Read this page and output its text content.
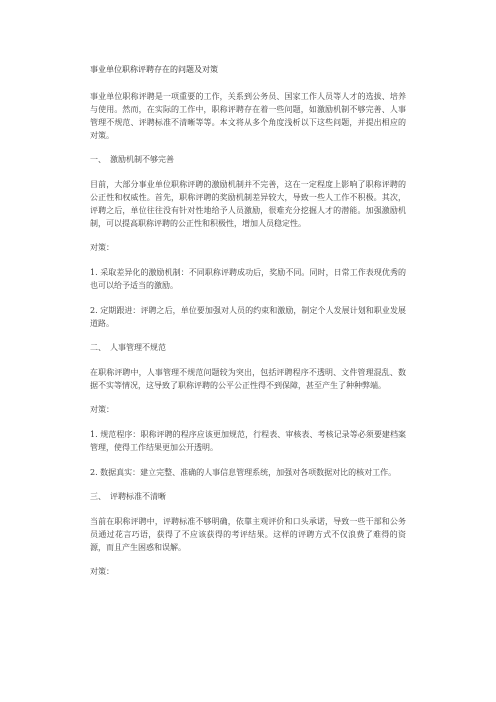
事业单位职称评聘存在的问题及对策

事业单位职称评聘是一项重要的工作，关系到公务员、国家工作人员等人才的选拔、培养与使用。然而，在实际的工作中，职称评聘存在着一些问题，如激励机制不够完善、人事管理不规范、评聘标准不清晰等等。本文将从多个角度浅析以下这些问题，并提出相应的对策。

一、　激励机制不够完善

目前，大部分事业单位职称评聘的激励机制并不完善，这在一定程度上影响了职称评聘的公正性和权威性。首先，职称评聘的奖励机制差异较大，导致一些人工作不积极。其次，评聘之后，单位往往没有针对性地给予人员激励，很难充分挖掘人才的潜能。加强激励机制，可以提高职称评聘的公正性和积极性，增加人员稳定性。

对策：

1. 采取差异化的激励机制：不同职称评聘成功后，奖励不同。同时，日常工作表现优秀的也可以给予适当的激励。

2. 定期跟进：评聘之后，单位要加强对人员的约束和激励，制定个人发展计划和职业发展道路。

二、　人事管理不规范

在职称评聘中，人事管理不规范问题较为突出，包括评聘程序不透明、文件管理混乱、数据不实等情况，这导致了职称评聘的公平公正性得不到保障，甚至产生了种种弊端。

对策：

1. 规范程序：职称评聘的程序应该更加规范，行程表、审核表、考核记录等必须要建档案管理，使得工作结果更加公开透明。

2. 数据真实：建立完整、准确的人事信息管理系统，加强对各项数据对比的核对工作。

三、　评聘标准不清晰

当前在职称评聘中，评聘标准不够明确，依靠主观评价和口头承诺，导致一些干部和公务员通过花言巧语，获得了不应该获得的考评结果。这样的评聘方式不仅浪费了难得的资源，而且产生困惑和误解。

对策：
